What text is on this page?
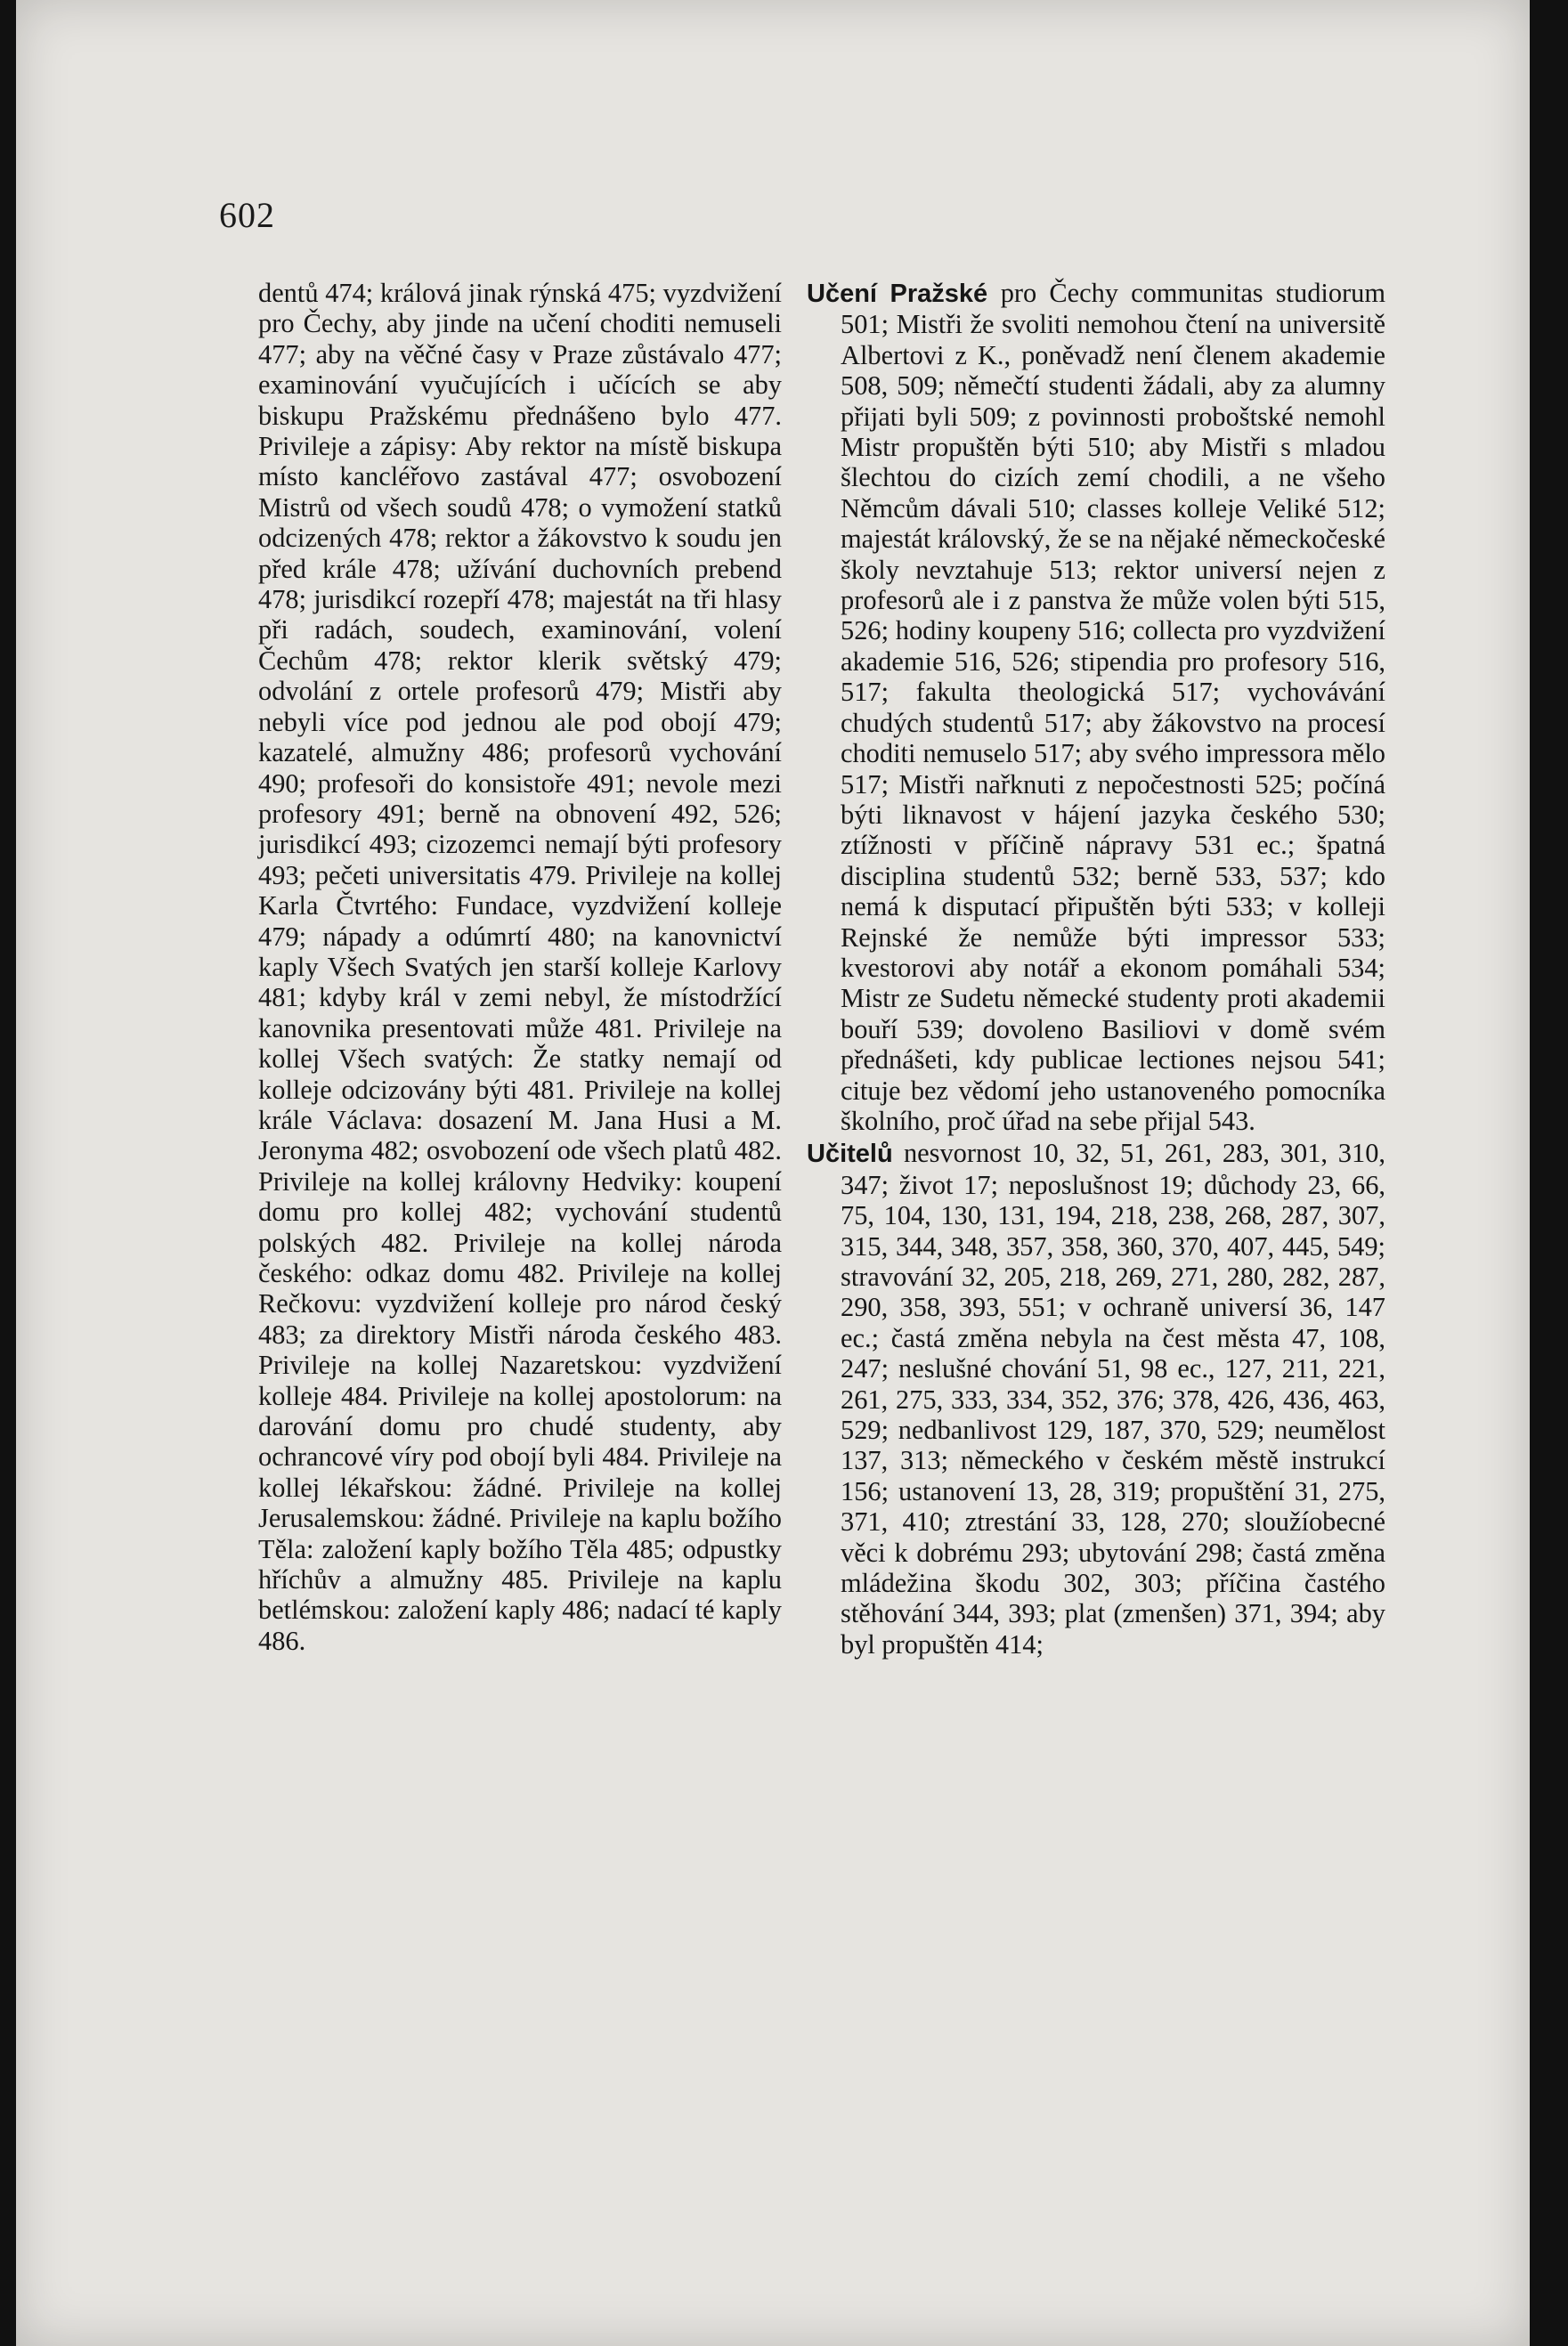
602

dentů 474; králová jinak rýnská 475; vyzdvižení pro Čechy, aby jinde na učení choditi nemuseli 477; aby na věčné časy v Praze zůstávalo 477; examinování vyučujících i učících se aby biskupu Pražskému přednášeno bylo 477. Privileje a zápisy: Aby rektor na místě biskupa místo kancléřovo zastával 477; osvobození Mistrů od všech soudů 478; o vymožení statků odcizených 478; rektor a žákovstvo k soudu jen před krále 478; užívání duchovních prebend 478; jurisdikcí rozepří 478; majestát na tři hlasy při radách, soudech, examinování, volení Čechům 478; rektor klerik světský 479; odvolání z ortele profesorů 479; Mistři aby nebyli více pod jednou ale pod obojí 479; kazatelé, almužny 486; profesorů vychování 490; profesoři do konsistoře 491; nevole mezi profesory 491; berně na obnovení 492, 526; jurisdikcí 493; cizozemci nemají býti profesory 493; pečeti universitatis 479. Privileje na kollej Karla Čtvrtého: Fundace, vyzdvižení kolleje 479; nápady a odúmrtí 480; na kanovnictví kaply Všech Svatých jen starší kolleje Karlovy 481; kdyby král v zemi nebyl, že místodržící kanovnika presentovati může 481. Privileje na kollej Všech svatých: Že statky nemají od kolleje odcizovány býti 481. Privileje na kollej krále Václava: dosazení M. Jana Husi a M. Jeronyma 482; osvobození ode všech platů 482. Privileje na kollej královny Hedviky: koupení domu pro kollej 482; vychování studentů polských 482. Privileje na kollej národa českého: odkaz domu 482. Privileje na kollej Rečkovu: vyzdvižení kolleje pro národ český 483; za direktory Mistři národa českého 483. Privileje na kollej Nazaretskou: vyzdvižení kolleje 484. Privileje na kollej apostolorum: na darování domu pro chudé studenty, aby ochrancové víry pod obojí byli 484. Privileje na kollej lékařskou: žádné. Privileje na kollej Jerusalemskou: žádné. Privileje na kaplu božího Těla: založení kaply božího Těla 485; odpustky hříchův a almužny 485. Privileje na kaplu betlémskou: založení kaply 486; nadací té kaply 486.

Učení Pražské pro Čechy communitas studiorum 501; Mistři že svoliti nemohou čtení na universitě Albertovi z K., poněvadž není členem akademie 508, 509; němečtí studenti žádali, aby za alumny přijati byli 509; z povinnosti proboštské nemohl Mistr propuštěn býti 510; aby Mistři s mladou šlechtou do cizích zemí chodili, a ne všeho Němcům dávali 510; classes kolleje Veliké 512; majestát královský, že se na nějaké německočeské školy nevztahuje 513; rektor universí nejen z profesorů ale i z panstva že může volen býti 515, 526; hodiny koupeny 516; collecta pro vyzdvižení akademie 516, 526; stipendia pro profesory 516, 517; fakulta theologická 517; vychovávání chudých studentů 517; aby žákovstvo na procesí choditi nemuselo 517; aby svého impressora mělo 517; Mistři nařknuti z nepočestnosti 525; počíná býti liknavost v hájení jazyka českého 530; ztížnosti v příčině nápravy 531 ec.; špatná disciplina studentů 532; berně 533, 537; kdo nemá k disputací připuštěn býti 533; v kolleji Rejnské že nemůže býti impressor 533; kvestorovi aby notář a ekonom pomáhali 534; Mistr ze Sudetu německé studenty proti akademii bouří 539; dovoleno Basiliovi v domě svém přednášeti, kdy publicae lectiones nejsou 541; cituje bez vědomí jeho ustanoveného pomocníka školního, proč úřad na sebe přijal 543.

Učitelů nesvornost 10, 32, 51, 261, 283, 301, 310, 347; život 17; neposlušnost 19; důchody 23, 66, 75, 104, 130, 131, 194, 218, 238, 268, 287, 307, 315, 344, 348, 357, 358, 360, 370, 407, 445, 549; stravování 32, 205, 218, 269, 271, 280, 282, 287, 290, 358, 393, 551; v ochraně universí 36, 147 ec.; častá změna nebyla na čest města 47, 108, 247; neslušné chování 51, 98 ec., 127, 211, 221, 261, 275, 333, 334, 352, 376; 378, 426, 436, 463, 529; nedbanlivost 129, 187, 370, 529; neumělost 137, 313; německého v českém městě instrukcí 156; ustanovení 13, 28, 319; propuštění 31, 275, 371, 410; ztrestání 33, 128, 270; sloužíobecné věci k dobrému 293; ubytování 298; častá změna mládežina škodu 302, 303; příčina častého stěhování 344, 393; plat (zmenšen) 371, 394; aby byl propuštěn 414;
